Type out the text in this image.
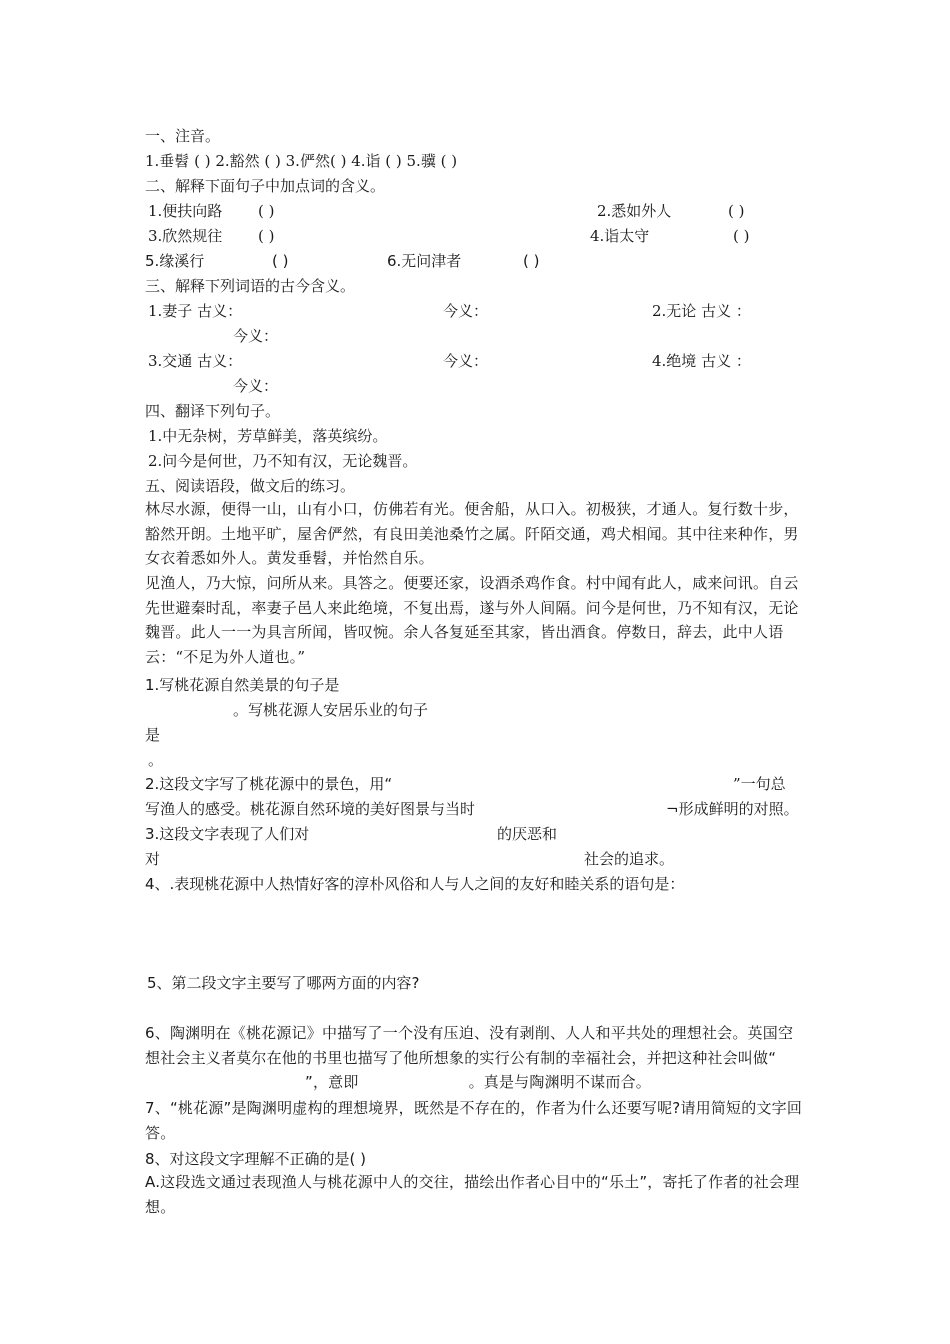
一、注音。
1.垂髫 ( ) 2.豁然 ( ) 3.俨然( ) 4.诣 ( ) 5.骥 ( )
二、解释下面句子中加点词的含义。
1.便扶向路 ( )	2.悉如外人	( )
3.欣然规往 ( )	4.诣太守	( )
5.缘溪行	( )	6.无问津者	( )
三、解释下列词语的古今含义。
1.妻子 古义：	今义：	2.无论 古义 ：
今义：
3.交通 古义：	今义：	4.绝境 古义 ：
今义：
四、翻译下列句子。
1.中无杂树，芳草鲜美，落英缤纷。
2.问今是何世，乃不知有汉，无论魏晋。
五、阅读语段，做文后的练习。
林尽水源，便得一山，山有小口，仿佛若有光。便舍船，从口入。初极狭，才通人。复行数十步，豁然开朗。土地平旷，屋舍俨然，有良田美池桑竹之属。阡陌交通，鸡犬相闻。其中往来种作，男女衣着悉如外人。黄发垂髫，并怡然自乐。
见渔人，乃大惊，问所从来。具答之。便要还家，设酒杀鸡作食。村中闻有此人，咸来问讯。自云先世避秦时乱，率妻子邑人来此绝境，不复出焉，遂与外人间隔。问今是何世，乃不知有汉，无论魏晋。此人一一为具言所闻，皆叹惋。余人各复延至其家，皆出酒食。停数日，辞去，此中人语云：“不足为外人道也。”
1.写桃花源自然美景的句子是
。写桃花源人安居乐业的句子
是
。
2.这段文字写了桃花源中的景色，用“	”一句总
写渔人的感受。桃花源自然环境的美好图景与当时	¬形成鲜明的对照。
3.这段文字表现了人们对	的厌恶和
对	社会的追求。
4、.表现桃花源中人热情好客的淳朴风俗和人与人之间的友好和睦关系的语句是：
5、第二段文字主要写了哪两方面的内容?
6、陶渊明在《桃花源记》中描写了一个没有压迫、没有剥削、人人和平共处的理想社会。英国空想社会主义者莫尔在他的书里也描写了他所想象的实行公有制的幸福社会，并把这种社会叫做“”，意即	。真是与陶渊明不谋而合。
7、“桃花源”是陶渊明虚构的理想境界，既然是不存在的，作者为什么还要写呢?请用简短的文字回答。
8、对这段文字理解不正确的是( )
A.这段选文通过表现渔人与桃花源中人的交往，描绘出作者心目中的“乐土”，寄托了作者的社会理想。
